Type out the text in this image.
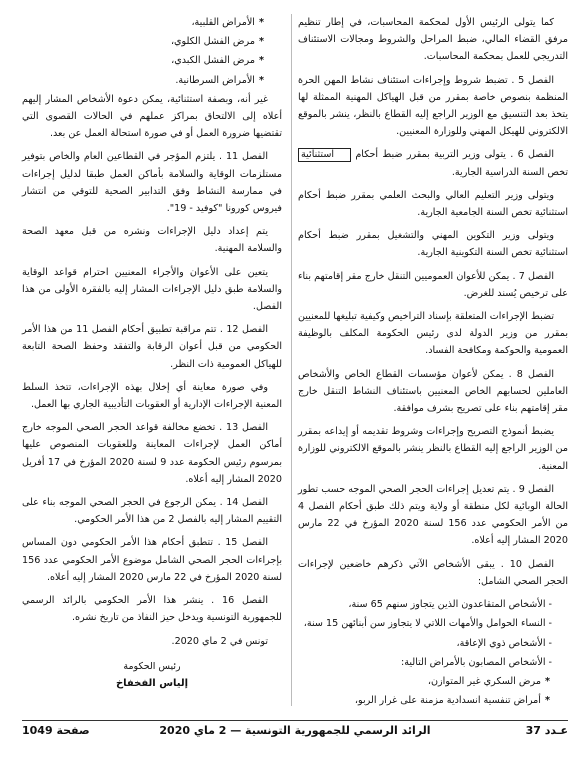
كما يتولى الرئيس الأول لمحكمة المحاسبات، في إطار تنظيم مرفق القضاء المالي، ضبط المراحل والشروط ومجالات الاستئناف التدريجي للعمل بمحكمة المحاسبات.

الفصل 5 . تضبط شروط وإجراءات استئناف نشاط المهن الحرة المنظمة بنصوص خاصة بمقرر من قبل الهياكل المهنية الممثلة لها يتخذ بعد التنسيق مع الوزير الراجع إليه القطاع بالنظر، ينشر بالموقع الالكتروني للهيكل المهني وللوزارة المعنيين.

الفصل 6 . يتولى وزير التربية بمقرر ضبط أحكام استثنائية تخص السنة الدراسية الجارية.

ويتولى وزير التعليم العالي والبحث العلمي بمقرر ضبط أحكام استثنائية تخص السنة الجامعية الجارية.

ويتولى وزير التكوين المهني والتشغيل بمقرر ضبط أحكام استثنائية تخص السنة التكوينية الجارية.

الفصل 7 . يمكن للأعوان العموميين التنقل خارج مقر إقامتهم بناء على ترخيص يُسند للغرض.

تضبط الإجراءات المتعلقة بإسناد التراخيص وكيفية تبليغها للمعنيين بمقرر من وزير الدولة لدى رئيس الحكومة المكلف بالوظيفة العمومية والحوكمة ومكافحة الفساد.

الفصل 8 . يمكن لأعوان مؤسسات القطاع الخاص والأشخاص العاملين لحسابهم الخاص المعنيين باستئناف النشاط التنقل خارج مقر إقامتهم بناء على تصريح بشرف موافقة.

يضبط أنموذج التصريح وإجراءات وشروط تقديمه أو إيداعه بمقرر من الوزير الراجع إليه القطاع بالنظر ينشر بالموقع الالكتروني للوزارة المعنية.

الفصل 9 . يتم تعديل إجراءات الحجر الصحي الموجه حسب تطور الحالة الوبائية لكل منطقة أو ولاية ويتم ذلك طبق أحكام الفصل 4 من الأمر الحكومي عدد 156 لسنة 2020 المؤرخ في 22 مارس 2020 المشار إليه أعلاه.

الفصل 10 . يبقى الأشخاص الآتي ذكرهم خاضعين لإجراءات الحجر الصحي الشامل:

- الأشخاص المتقاعدون الذين يتجاوز سنهم 65 سنة،

- النساء الحوامل والأمهات اللاتي لا يتجاوز سن أبنائهن 15 سنة،

- الأشخاص ذوي الإعاقة،

- الأشخاص المصابون بالأمراض التالية:

*مرض السكري غير المتوازن،

*أمراض تنفسية انسدادية مزمنة على غرار الربو،

*الأمراض القلبية،

*مرض الفشل الكلوي،

*مرض الفشل الكبدي،

*الأمراض السرطانية.

غير أنه، وبصفة استثنائية، يمكن دعوة الأشخاص المشار إليهم أعلاه إلى الالتحاق بمراكز عملهم في الحالات القصوى التي تقتضيها ضرورة العمل أو في صورة استحالة العمل عن بعد.

الفصل 11 . يلتزم المؤجر في القطاعين العام والخاص بتوفير مستلزمات الوقاية والسلامة بأماكن العمل طبقا لدليل إجراءات في ممارسة النشاط وفق التدابير الصحية للتوقي من انتشار فيروس كورونا "كوفيد - 19".

يتم إعداد دليل الإجراءات ونشره من قبل معهد الصحة والسلامة المهنية.

يتعين على الأعوان والأجراء المعنيين احترام قواعد الوقاية والسلامة طبق دليل الإجراءات المشار إليه بالفقرة الأولى من هذا الفصل.

الفصل 12 . تتم مراقبة تطبيق أحكام الفصل 11 من هذا الأمر الحكومي من قبل أعوان الرقابة والتفقد وحفظ الصحة التابعة للهياكل العمومية ذات النظر.

وفي صورة معاينة أي إخلال بهذه الإجراءات، تتخذ السلط المعنية الإجراءات الإدارية أو العقوبات التأديبية الجاري بها العمل.

الفصل 13 . تخضع مخالفة قواعد الحجر الصحي الموجه خارج أماكن العمل لإجراءات المعاينة وللعقوبات المنصوص عليها بمرسوم رئيس الحكومة عدد 9 لسنة 2020 المؤرخ في 17 أفريل 2020 المشار إليه أعلاه.

الفصل 14 . يمكن الرجوع في الحجر الصحي الموجه بناء على التقييم المشار إليه بالفصل 2 من هذا الأمر الحكومي.

الفصل 15 . تتطبق أحكام هذا الأمر الحكومي دون المساس بإجراءات الحجر الصحي الشامل موضوع الأمر الحكومي عدد 156 لسنة 2020 المؤرخ في 22 مارس 2020 المشار إليه أعلاه.

الفصل 16 . ينشر هذا الأمر الحكومي بالرائد الرسمي للجمهورية التونسية ويدخل حيز النفاذ من تاريخ نشره.

تونس في 2 ماي 2020.

رئيس الحكومة
إلياس الفخفاخ
عـدد 37
الرائد الرسمي للجمهورية التونسية — 2 ماي 2020
صفحة 1049
